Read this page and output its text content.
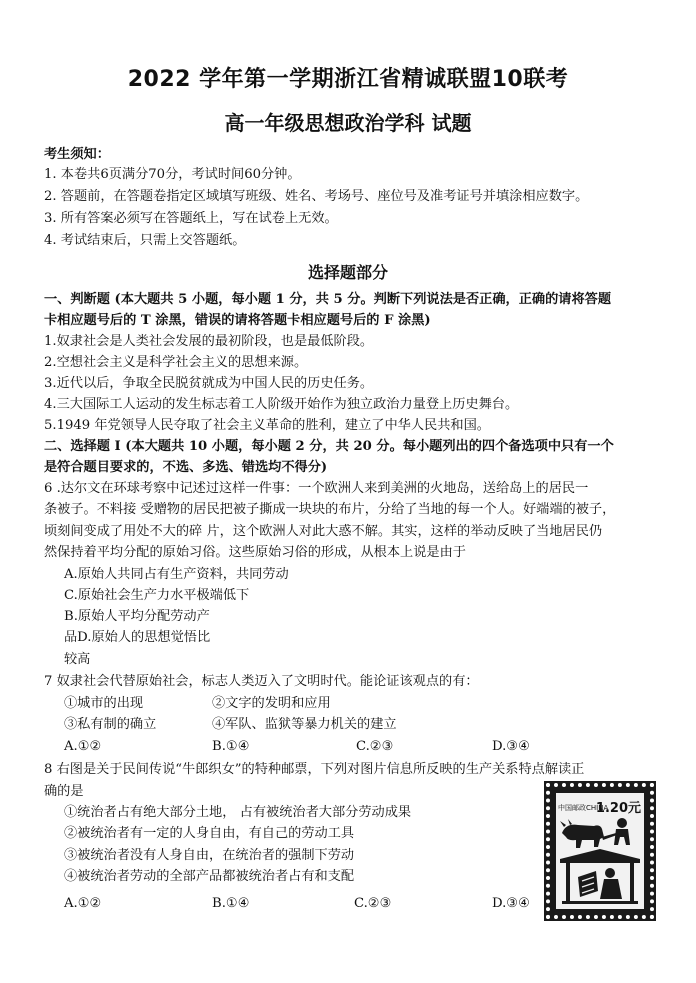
2022 学年第一学期浙江省精诚联盟10联考
高一年级思想政治学科 试题
考生须知：
1. 本卷共6页满分70分，考试时间60分钟。
2. 答题前，在答题卷指定区域填写班级、姓名、考场号、座位号及准考证号并填涂相应数字。
3. 所有答案必须写在答题纸上，写在试卷上无效。
4. 考试结束后，只需上交答题纸。
选择题部分
一、判断题 (本大题共 5 小题，每小题 1 分，共 5 分。判断下列说法是否正确，正确的请将答题
卡相应题号后的 T 涂黑，错误的请将答题卡相应题号后的 F 涂黑)
1.奴隶社会是人类社会发展的最初阶段，也是最低阶段。
2.空想社会主义是科学社会主义的思想来源。
3.近代以后，争取全民脱贫就成为中国人民的历史任务。
4.三大国际工人运动的发生标志着工人阶级开始作为独立政治力量登上历史舞台。
5.1949 年党领导人民夺取了社会主义革命的胜利，建立了中华人民共和国。
二、选择题 I (本大题共 10 小题，每小题 2 分，共 20 分。每小题列出的四个备选项中只有一个
是符合题目要求的，不选、多选、错选均不得分)
6 .达尔文在环球考察中记述过这样一件事：一个欧洲人来到美洲的火地岛，送给岛上的居民一
条被子。不料接 受赠物的居民把被子撕成一块块的布片，分给了当地的每一个人。好端端的被子，
顷刻间变成了用处不大的碎 片，这个欧洲人对此大惑不解。其实，这样的举动反映了当地居民仍
然保持着平均分配的原始习俗。这些原始习俗的形成，从根本上说是由于
A.原始人共同占有生产资料，共同劳动
C.原始社会生产力水平极端低下
B.原始人平均分配劳动产
品D.原始人的思想觉悟比
较高
7 奴隶社会代替原始社会，标志人类迈入了文明时代。能论证该观点的有：
①城市的出现	②文字的发明和应用
③私有制的确立	④军队、监狱等暴力机关的建立
A.①②	B.①④	C.②③	D.③④
8 右图是关于民间传说“牛郎织女”的特种邮票，下列对图片信息所反映的生产关系特点解读正
确的是
①统治者占有绝大部分土地， 占有被统治者大部分劳动成果
②被统治者有一定的人身自由，有自己的劳动工具
③被统治者没有人身自由，在统治者的强制下劳动
④被统治者劳动的全部产品都被统治者占有和支配
A.①②	B.①④	C.②③	D.③④
中国邮政CHINA
1.20元
